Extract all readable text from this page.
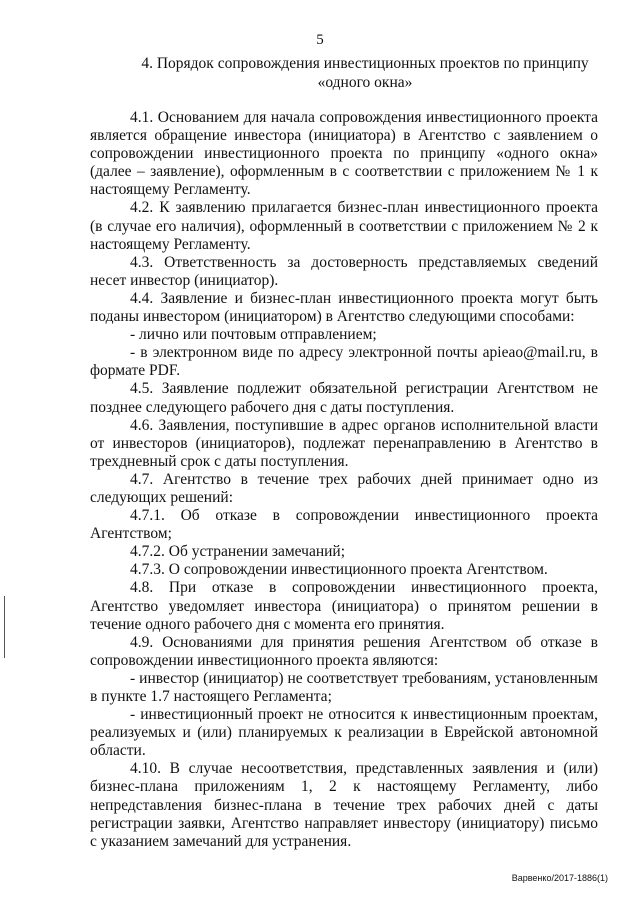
5
4. Порядок сопровождения инвестиционных проектов по принципу
«одного окна»

4.1. Основанием для начала сопровождения инвестиционного проекта является обращение инвестора (инициатора) в Агентство с заявлением о сопровождении инвестиционного проекта по принципу «одного окна» (далее – заявление), оформленным в с соответствии с приложением № 1 к настоящему Регламенту.

4.2. К заявлению прилагается бизнес-план инвестиционного проекта (в случае его наличия), оформленный в соответствии с приложением № 2 к настоящему Регламенту.

4.3. Ответственность за достоверность представляемых сведений несет инвестор (инициатор).

4.4. Заявление и бизнес-план инвестиционного проекта могут быть поданы инвестором (инициатором) в Агентство следующими способами:

- лично или почтовым отправлением;

- в электронном виде по адресу электронной почты apieao@mail.ru, в формате PDF.

4.5. Заявление подлежит обязательной регистрации Агентством не позднее следующего рабочего дня с даты поступления.

4.6. Заявления, поступившие в адрес органов исполнительной власти от инвесторов (инициаторов), подлежат перенаправлению в Агентство в трехдневный срок с даты поступления.

4.7. Агентство в течение трех рабочих дней принимает одно из следующих решений:

4.7.1. Об отказе в сопровождении инвестиционного проекта Агентством;

4.7.2. Об устранении замечаний;

4.7.3. О сопровождении инвестиционного проекта Агентством.

4.8. При отказе в сопровождении инвестиционного проекта, Агентство уведомляет инвестора (инициатора) о принятом решении в течение одного рабочего дня с момента его принятия.

4.9. Основаниями для принятия решения Агентством об отказе в сопровождении инвестиционного проекта являются:

- инвестор (инициатор) не соответствует требованиям, установленным в пункте 1.7 настоящего Регламента;

- инвестиционный проект не относится к инвестиционным проектам, реализуемых и (или) планируемых к реализации в Еврейской автономной области.

4.10. В случае несоответствия, представленных заявления и (или) бизнес-плана приложениям 1, 2 к настоящему Регламенту, либо непредставления бизнес-плана в течение трех рабочих дней с даты регистрации заявки, Агентство направляет инвестору (инициатору) письмо с указанием замечаний для устранения.

Варвенко/2017-1886(1)
